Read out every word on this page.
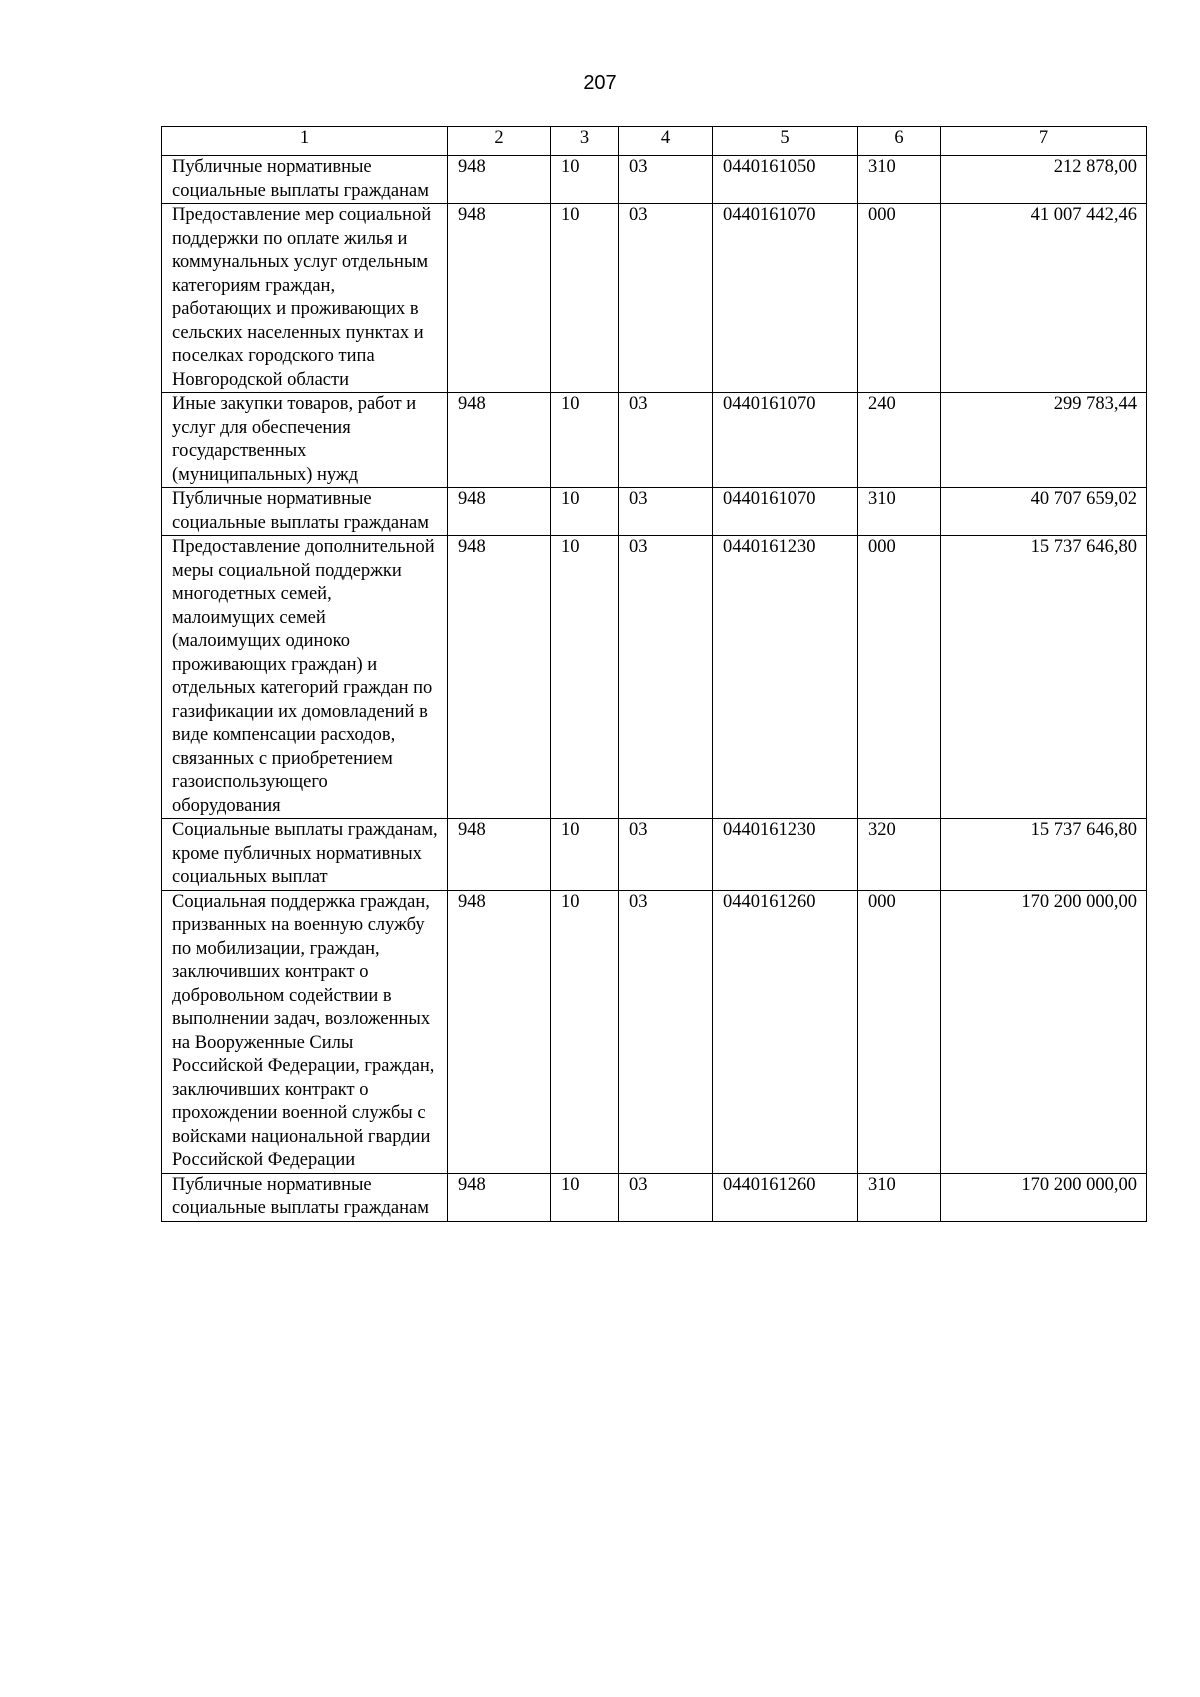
207
1	2	3	4	5	6	7
Публичные нормативные социальные выплаты гражданам	948	10	03	0440161050	310	212 878,00
Предоставление мер социальной поддержки по оплате жилья и коммунальных услуг отдельным категориям граждан, работающих и проживающих в сельских населенных пунктах и поселках городского типа Новгородской области	948	10	03	0440161070	000	41 007 442,46
Иные закупки товаров, работ и услуг для обеспечения государственных (муниципальных) нужд	948	10	03	0440161070	240	299 783,44
Публичные нормативные социальные выплаты гражданам	948	10	03	0440161070	310	40 707 659,02
Предоставление дополнительной меры социальной поддержки многодетных семей, малоимущих семей (малоимущих одиноко проживающих граждан) и отдельных категорий граждан по газификации их домовладений в виде компенсации расходов, связанных с приобретением газоиспользующего оборудования	948	10	03	0440161230	000	15 737 646,80
Социальные выплаты гражданам, кроме публичных нормативных социальных выплат	948	10	03	0440161230	320	15 737 646,80
Социальная поддержка граждан, призванных на военную службу по мобилизации, граждан, заключивших контракт о добровольном содействии в выполнении задач, возложенных на Вооруженные Силы Российской Федерации, граждан, заключивших контракт о прохождении военной службы с войсками национальной гвардии Российской Федерации	948	10	03	0440161260	000	170 200 000,00
Публичные нормативные социальные выплаты гражданам	948	10	03	0440161260	310	170 200 000,00
